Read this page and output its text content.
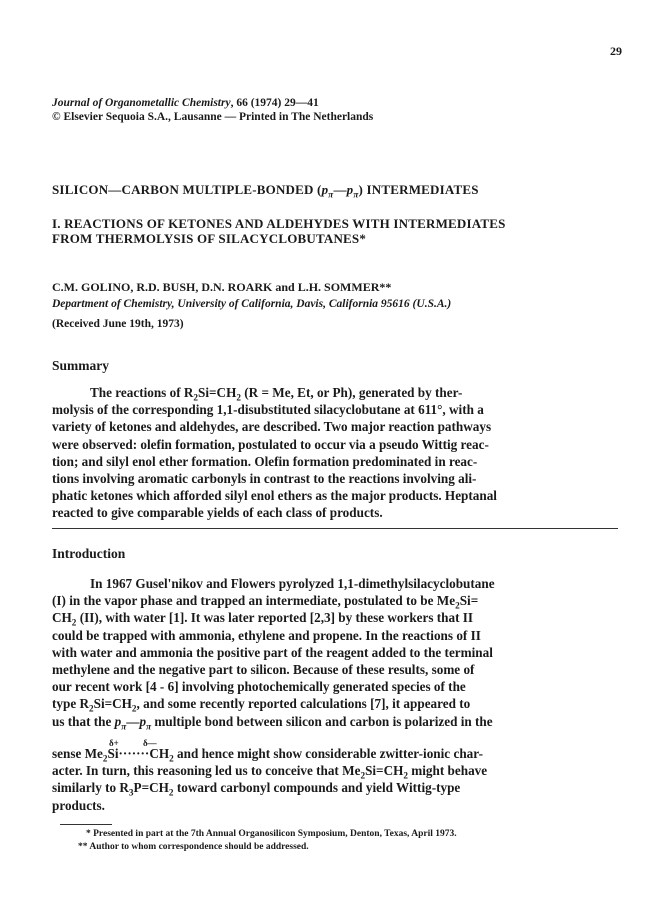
29
Journal of Organometallic Chemistry, 66 (1974) 29—41
© Elsevier Sequoia S.A., Lausanne — Printed in The Netherlands
SILICON—CARBON MULTIPLE-BONDED $(p_\pi—p_\pi)$ INTERMEDIATES
I. REACTIONS OF KETONES AND ALDEHYDES WITH INTERMEDIATES
FROM THERMOLYSIS OF SILACYCLOBUTANES*
C.M. GOLINO, R.D. BUSH, D.N. ROARK and L.H. SOMMER**
Department of Chemistry, University of California, Davis, California 95616 (U.S.A.)
(Received June 19th, 1973)
Summary

The reactions of $R_2Si=CH_2$ (R = Me, Et, or Ph), generated by ther-

molysis of the corresponding 1,1-disubstituted silacyclobutane at 611°, with a

variety of ketones and aldehydes, are described. Two major reaction pathways

were observed: olefin formation, postulated to occur via a pseudo Wittig reac-

tion; and silyl enol ether formation. Olefin formation predominated in reac-

tions involving aromatic carbonyls in contrast to the reactions involving ali-

phatic ketones which afforded silyl enol ethers as the major products. Heptanal

reacted to give comparable yields of each class of products.

Introduction

In 1967 Gusel'nikov and Flowers pyrolyzed 1,1-dimethylsilacyclobutane

(I) in the vapor phase and trapped an intermediate, postulated to be $Me_2Si=$

$CH_2$ (II), with water [1]. It was later reported [2,3] by these workers that II

could be trapped with ammonia, ethylene and propene. In the reactions of II

with water and ammonia the positive part of the reagent added to the terminal

methylene and the negative part to silicon. Because of these results, some of

our recent work [4 - 6] involving photochemically generated species of the

type $R_2Si=CH_2$, and some recently reported calculations [7], it appeared to

us that the $p_\pi—p_\pi$ multiple bond between silicon and carbon is polarized in the

δ+	δ—

sense $Me_2Si\cdot\cdot\cdot\cdot\cdot\cdot\cdot CH_2$ and hence might show considerable zwitter-ionic char-

acter. In turn, this reasoning led us to conceive that $Me_2Si=CH_2$ might behave

similarly to $R_3P=CH_2$ toward carbonyl compounds and yield Wittig-type

products.

* Presented in part at the 7th Annual Organosilicon Symposium, Denton, Texas, April 1973.
** Author to whom correspondence should be addressed.
